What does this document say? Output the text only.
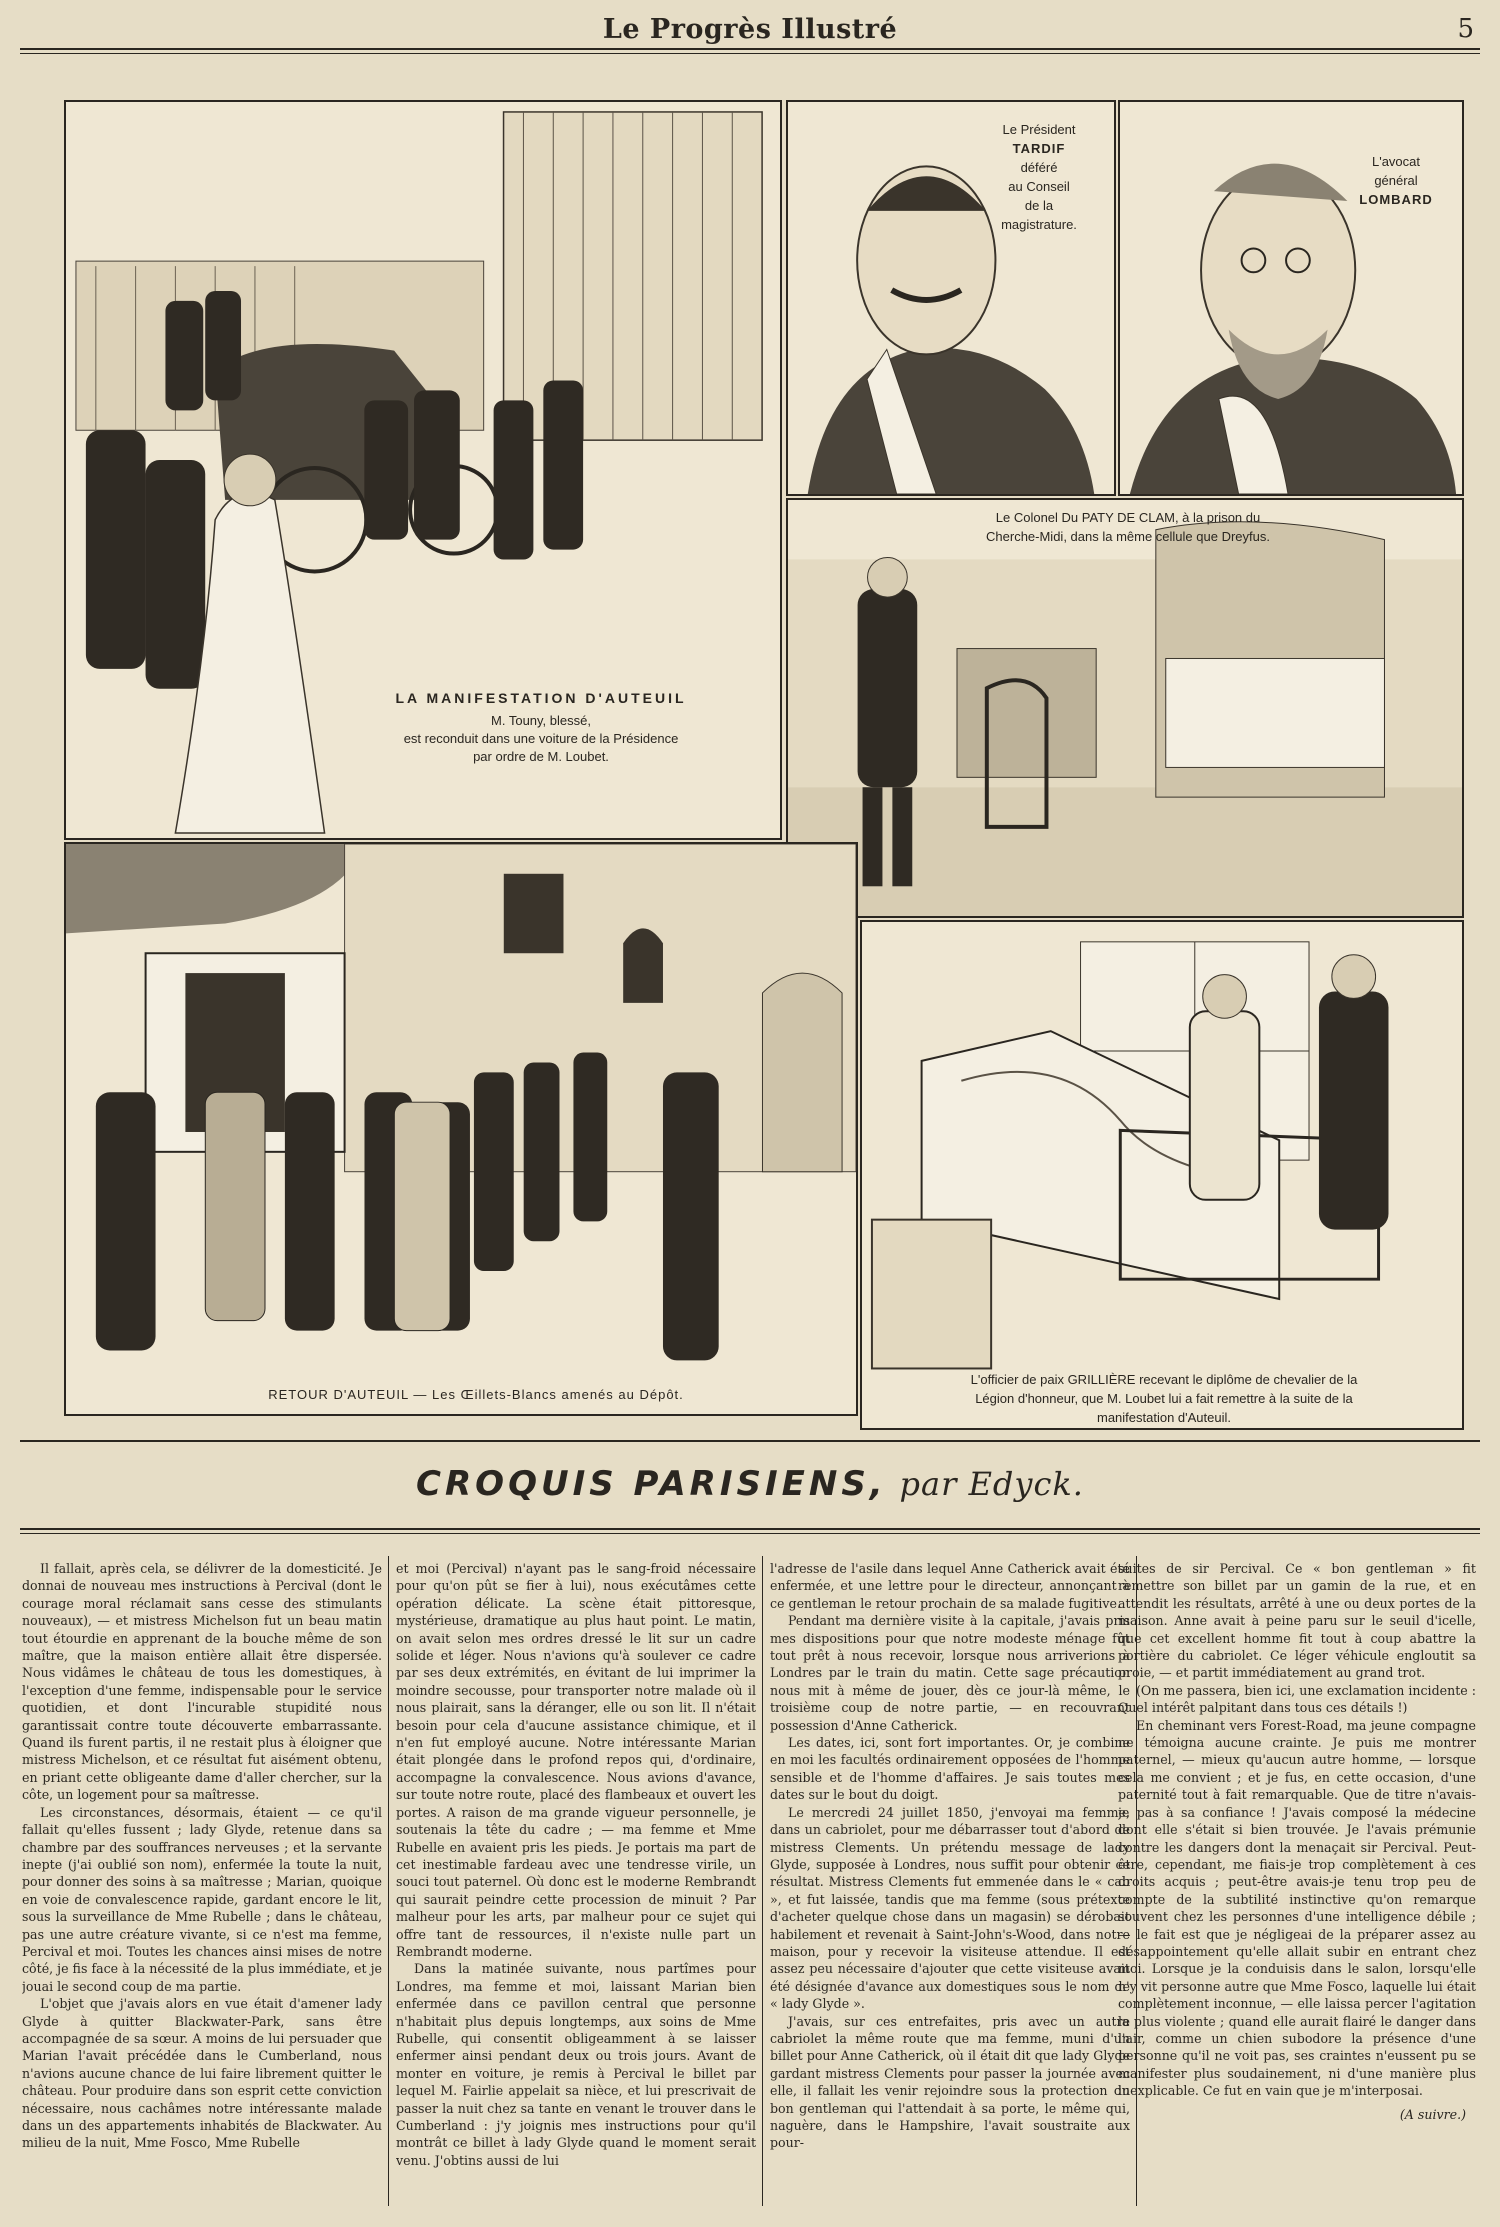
Le Progrès Illustré	5
LA MANIFESTATION D'AUTEUIL
M. Touny, blessé,
est reconduit dans une voiture de la Présidence
par ordre de M. Loubet.
Le Président
TARDIF
déféré
au Conseil
de la
magistrature.
L'avocat
général
LOMBARD
Le Colonel Du PATY DE CLAM, à la prison du
Cherche-Midi, dans la même cellule que Dreyfus.
RETOUR D'AUTEUIL — Les Œillets-Blancs amenés au Dépôt.
L'officier de paix GRILLIÈRE recevant le diplôme de chevalier de la
Légion d'honneur, que M. Loubet lui a fait remettre à la suite de la
manifestation d'Auteuil.
CROQUIS PARISIENS, par Edyck.

Il fallait, après cela, se délivrer de la domesticité. Je donnai de nouveau mes instructions à Percival (dont le courage moral réclamait sans cesse des stimulants nouveaux), — et mistress Michelson fut un beau matin tout étourdie en apprenant de la bouche même de son maître, que la maison entière allait être dispersée. Nous vidâmes le château de tous les domestiques, à l'exception d'une femme, indispensable pour le service quotidien, et dont l'incurable stupidité nous garantissait contre toute découverte embarrassante. Quand ils furent partis, il ne restait plus à éloigner que mistress Michelson, et ce résultat fut aisément obtenu, en priant cette obligeante dame d'aller chercher, sur la côte, un logement pour sa maîtresse.

Les circonstances, désormais, étaient — ce qu'il fallait qu'elles fussent ; lady Glyde, retenue dans sa chambre par des souffrances nerveuses ; et la servante inepte (j'ai oublié son nom), enfermée la toute la nuit, pour donner des soins à sa maîtresse ; Marian, quoique en voie de convalescence rapide, gardant encore le lit, sous la surveillance de Mme Rubelle ; dans le château, pas une autre créature vivante, si ce n'est ma femme, Percival et moi. Toutes les chances ainsi mises de notre côté, je fis face à la nécessité de la plus immédiate, et je jouai le second coup de ma partie.

L'objet que j'avais alors en vue était d'amener lady Glyde à quitter Blackwater-Park, sans être accompagnée de sa sœur. A moins de lui persuader que Marian l'avait précédée dans le Cumberland, nous n'avions aucune chance de lui faire librement quitter le château. Pour produire dans son esprit cette conviction nécessaire, nous cachâmes notre intéressante malade dans un des appartements inhabités de Blackwater. Au milieu de la nuit, Mme Fosco, Mme Rubelle

et moi (Percival) n'ayant pas le sang-froid nécessaire pour qu'on pût se fier à lui), nous exécutâmes cette opération délicate. La scène était pittoresque, mystérieuse, dramatique au plus haut point. Le matin, on avait selon mes ordres dressé le lit sur un cadre solide et léger. Nous n'avions qu'à soulever ce cadre par ses deux extrémités, en évitant de lui imprimer la moindre secousse, pour transporter notre malade où il nous plairait, sans la déranger, elle ou son lit. Il n'était besoin pour cela d'aucune assistance chimique, et il n'en fut employé aucune. Notre intéressante Marian était plongée dans le profond repos qui, d'ordinaire, accompagne la convalescence. Nous avions d'avance, sur toute notre route, placé des flambeaux et ouvert les portes. A raison de ma grande vigueur personnelle, je soutenais la tête du cadre ; — ma femme et Mme Rubelle en avaient pris les pieds. Je portais ma part de cet inestimable fardeau avec une tendresse virile, un souci tout paternel. Où donc est le moderne Rembrandt qui saurait peindre cette procession de minuit ? Par malheur pour les arts, par malheur pour ce sujet qui offre tant de ressources, il n'existe nulle part un Rembrandt moderne.

Dans la matinée suivante, nous partîmes pour Londres, ma femme et moi, laissant Marian bien enfermée dans ce pavillon central que personne n'habitait plus depuis longtemps, aux soins de Mme Rubelle, qui consentit obligeamment à se laisser enfermer ainsi pendant deux ou trois jours. Avant de monter en voiture, je remis à Percival le billet par lequel M. Fairlie appelait sa nièce, et lui prescrivait de passer la nuit chez sa tante en venant le trouver dans le Cumberland : j'y joignis mes instructions pour qu'il montrât ce billet à lady Glyde quand le moment serait venu. J'obtins aussi de lui

l'adresse de l'asile dans lequel Anne Catherick avait été enfermée, et une lettre pour le directeur, annonçant à ce gentleman le retour prochain de sa malade fugitive.

Pendant ma dernière visite à la capitale, j'avais pris mes dispositions pour que notre modeste ménage fût tout prêt à nous recevoir, lorsque nous arriverions à Londres par le train du matin. Cette sage précaution nous mit à même de jouer, dès ce jour-là même, le troisième coup de notre partie, — en recouvrant possession d'Anne Catherick.

Les dates, ici, sont fort importantes. Or, je combine en moi les facultés ordinairement opposées de l'homme sensible et de l'homme d'affaires. Je sais toutes mes dates sur le bout du doigt.

Le mercredi 24 juillet 1850, j'envoyai ma femme, dans un cabriolet, pour me débarrasser tout d'abord de mistress Clements. Un prétendu message de lady Glyde, supposée à Londres, nous suffit pour obtenir ce résultat. Mistress Clements fut emmenée dans le « cab », et fut laissée, tandis que ma femme (sous prétexte d'acheter quelque chose dans un magasin) se dérobait habilement et revenait à Saint-John's-Wood, dans notre maison, pour y recevoir la visiteuse attendue. Il est assez peu nécessaire d'ajouter que cette visiteuse avait été désignée d'avance aux domestiques sous le nom de « lady Glyde ».

J'avais, sur ces entrefaites, pris avec un autre cabriolet la même route que ma femme, muni d'un billet pour Anne Catherick, où il était dit que lady Glyde gardant mistress Clements pour passer la journée avec elle, il fallait les venir rejoindre sous la protection du bon gentleman qui l'attendait à sa porte, le même qui, naguère, dans le Hampshire, l'avait soustraite aux pour-

suites de sir Percival. Ce « bon gentleman » fit remettre son billet par un gamin de la rue, et en attendit les résultats, arrêté à une ou deux portes de la maison. Anne avait à peine paru sur le seuil d'icelle, que cet excellent homme fit tout à coup abattre la portière du cabriolet. Ce léger véhicule engloutit sa proie, — et partit immédiatement au grand trot.

(On me passera, bien ici, une exclamation incidente : Quel intérêt palpitant dans tous ces détails !)

En cheminant vers Forest-Road, ma jeune compagne ne témoigna aucune crainte. Je puis me montrer paternel, — mieux qu'aucun autre homme, — lorsque cela me convient ; et je fus, en cette occasion, d'une paternité tout à fait remarquable. Que de titre n'avais-je pas à sa confiance ! J'avais composé la médecine dont elle s'était si bien trouvée. Je l'avais prémunie contre les dangers dont la menaçait sir Percival. Peut-être, cependant, me fiais-je trop complètement à ces droits acquis ; peut-être avais-je tenu trop peu de compte de la subtilité instinctive qu'on remarque souvent chez les personnes d'une intelligence débile ; — le fait est que je négligeai de la préparer assez au désappointement qu'elle allait subir en entrant chez moi. Lorsque je la conduisis dans le salon, lorsqu'elle n'y vit personne autre que Mme Fosco, laquelle lui était complètement inconnue, — elle laissa percer l'agitation la plus violente ; quand elle aurait flairé le danger dans l'air, comme un chien subodore la présence d'une personne qu'il ne voit pas, ses craintes n'eussent pu se manifester plus soudainement, ni d'une manière plus inexplicable. Ce fut en vain que je m'interposai.

(A suivre.)
